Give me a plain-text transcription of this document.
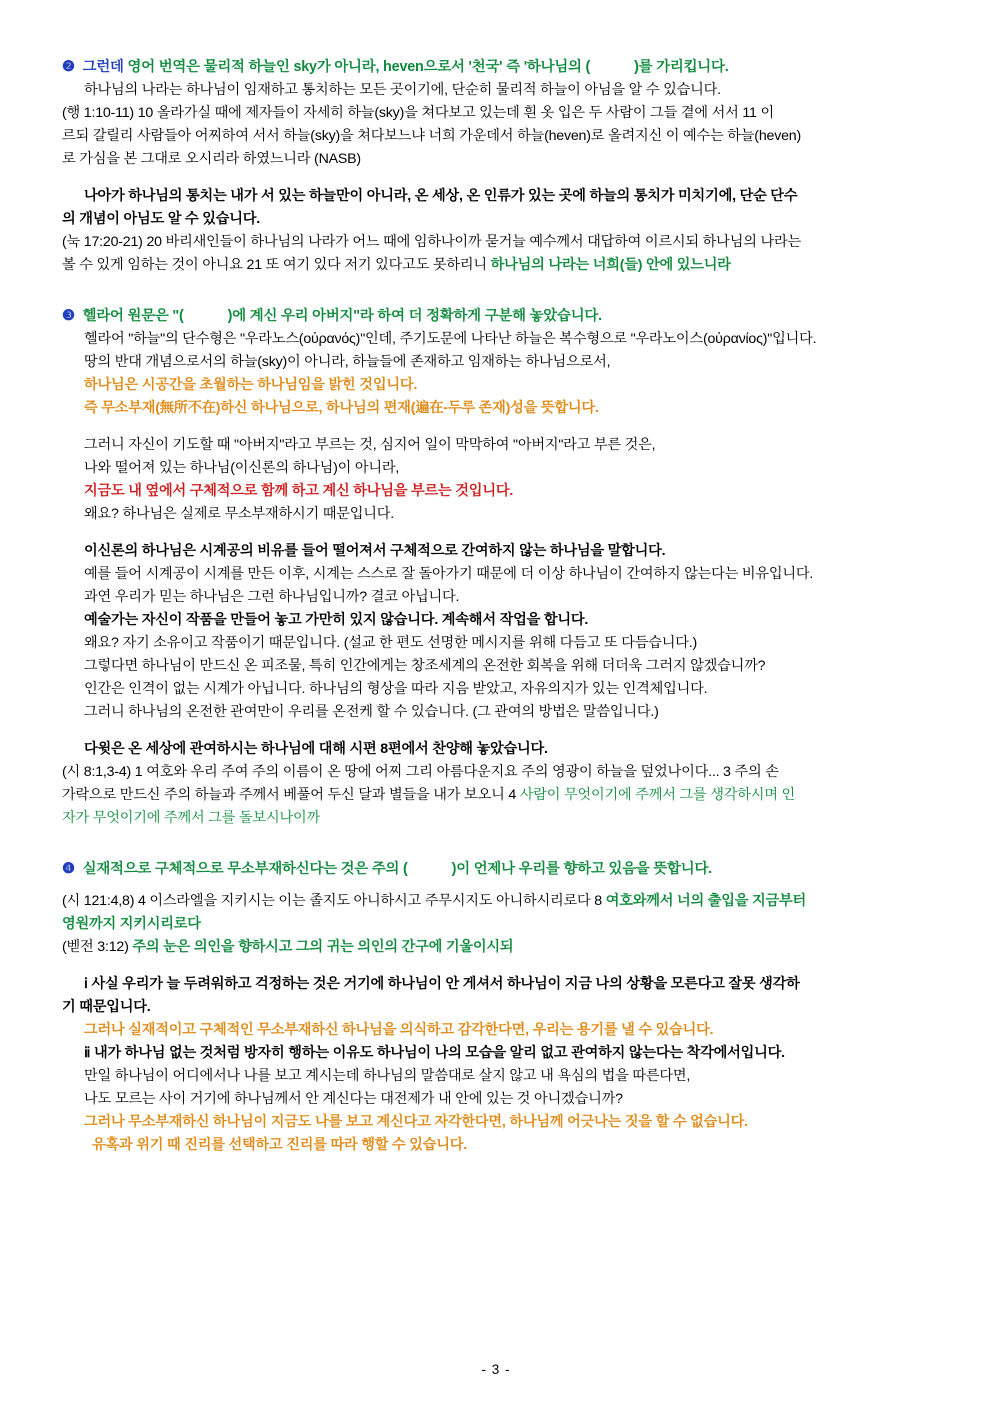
❷ 그런데 영어 번역은 물리적 하늘인 sky가 아니라, heven으로서 '천국' 즉 '하나님의 (	)를 가리킵니다.

하나님의 나라는 하나님이 임재하고 통치하는 모든 곳이기에, 단순히 물리적 하늘이 아님을 알 수 있습니다.

(행 1:10-11) 10 올라가실 때에 제자들이 자세히 하늘(sky)을 쳐다보고 있는데 흰 옷 입은 두 사람이 그들 곁에 서서 11 이

르되 갈릴리 사람들아 어찌하여 서서 하늘(sky)을 쳐다보느냐 너희 가운데서 하늘(heven)로 올려지신 이 예수는 하늘(heven)

로 가심을 본 그대로 오시리라 하였느니라 (NASB)

나아가 하나님의 통치는 내가 서 있는 하늘만이 아니라, 온 세상, 온 인류가 있는 곳에 하늘의 통치가 미치기에, 단순 단수

의 개념이 아님도 알 수 있습니다.

(눅 17:20-21) 20 바리새인들이 하나님의 나라가 어느 때에 임하나이까 묻거늘 예수께서 대답하여 이르시되 하나님의 나라는

볼 수 있게 임하는 것이 아니요 21 또 여기 있다 저기 있다고도 못하리니 하나님의 나라는 너희(들) 안에 있느니라

❸ 헬라어 원문은 "(	)에 계신 우리 아버지"라 하여 더 정확하게 구분해 놓았습니다.

헬라어 "하늘"의 단수형은 "우라노스(οὐρανός)"인데, 주기도문에 나타난 하늘은 복수형으로 "우라노이스(οὐρανίος)"입니다.

땅의 반대 개념으로서의 하늘(sky)이 아니라, 하늘들에 존재하고 임재하는 하나님으로서,

하나님은 시공간을 초월하는 하나님임을 밝힌 것입니다.

즉 무소부재(無所不在)하신 하나님으로, 하나님의 편재(遍在-두루 존재)성을 뜻합니다.

그러니 자신이 기도할 때 "아버지"라고 부르는 것, 심지어 일이 막막하여 "아버지"라고 부른 것은,

나와 떨어져 있는 하나님(이신론의 하나님)이 아니라,

지금도 내 옆에서 구체적으로 함께 하고 계신 하나님을 부르는 것입니다.

왜요? 하나님은 실제로 무소부재하시기 때문입니다.

이신론의 하나님은 시계공의 비유를 들어 떨어져서 구체적으로 간여하지 않는 하나님을 말합니다.

예를 들어 시계공이 시계를 만든 이후, 시계는 스스로 잘 돌아가기 때문에 더 이상 하나님이 간여하지 않는다는 비유입니다.

과연 우리가 믿는 하나님은 그런 하나님입니까? 결코 아닙니다.

예술가는 자신이 작품을 만들어 놓고 가만히 있지 않습니다. 계속해서 작업을 합니다.

왜요? 자기 소유이고 작품이기 때문입니다. (설교 한 편도 선명한 메시지를 위해 다듬고 또 다듬습니다.)

그렇다면 하나님이 만드신 온 피조물, 특히 인간에게는 창조세계의 온전한 회복을 위해 더더욱 그러지 않겠습니까?

인간은 인격이 없는 시계가 아닙니다. 하나님의 형상을 따라 지음 받았고, 자유의지가 있는 인격체입니다.

그러니 하나님의 온전한 관여만이 우리를 온전케 할 수 있습니다. (그 관여의 방법은 말씀입니다.)

다윗은 온 세상에 관여하시는 하나님에 대해 시편 8편에서 찬양해 놓았습니다.

(시 8:1,3-4) 1 여호와 우리 주여 주의 이름이 온 땅에 어찌 그리 아름다운지요 주의 영광이 하늘을 덮었나이다... 3 주의 손

가락으로 만드신 주의 하늘과 주께서 베풀어 두신 달과 별들을 내가 보오니 4 사람이 무엇이기에 주께서 그를 생각하시며 인

자가 무엇이기에 주께서 그를 돌보시나이까

❹ 실재적으로 구체적으로 무소부재하신다는 것은 주의 (	)이 언제나 우리를 향하고 있음을 뜻합니다.

(시 121:4,8) 4 이스라엘을 지키시는 이는 졸지도 아니하시고 주무시지도 아니하시리로다 8 여호와께서 너의 출입을 지금부터

영원까지 지키시리로다

(벧전 3:12) 주의 눈은 의인을 향하시고 그의 귀는 의인의 간구에 기울이시되

ⅰ 사실 우리가 늘 두려워하고 걱정하는 것은 거기에 하나님이 안 게셔서 하나님이 지금 나의 상황을 모른다고 잘못 생각하

기 때문입니다.

그러나 실재적이고 구체적인 무소부재하신 하나님을 의식하고 감각한다면, 우리는 용기를 낼 수 있습니다.

ⅱ 내가 하나님 없는 것처럼 방자히 행하는 이유도 하나님이 나의 모습을 알리 없고 관여하지 않는다는 착각에서입니다.

만일 하나님이 어디에서나 나를 보고 계시는데 하나님의 말씀대로 살지 않고 내 욕심의 법을 따른다면,

나도 모르는 사이 거기에 하나님께서 안 계신다는 대전제가 내 안에 있는 것 아니겠습니까?

그러나 무소부재하신 하나님이 지금도 나를 보고 계신다고 자각한다면, 하나님께 어긋나는 짓을 할 수 없습니다.

유혹과 위기 때 진리를 선택하고 진리를 따라 행할 수 있습니다.

- 3 -
